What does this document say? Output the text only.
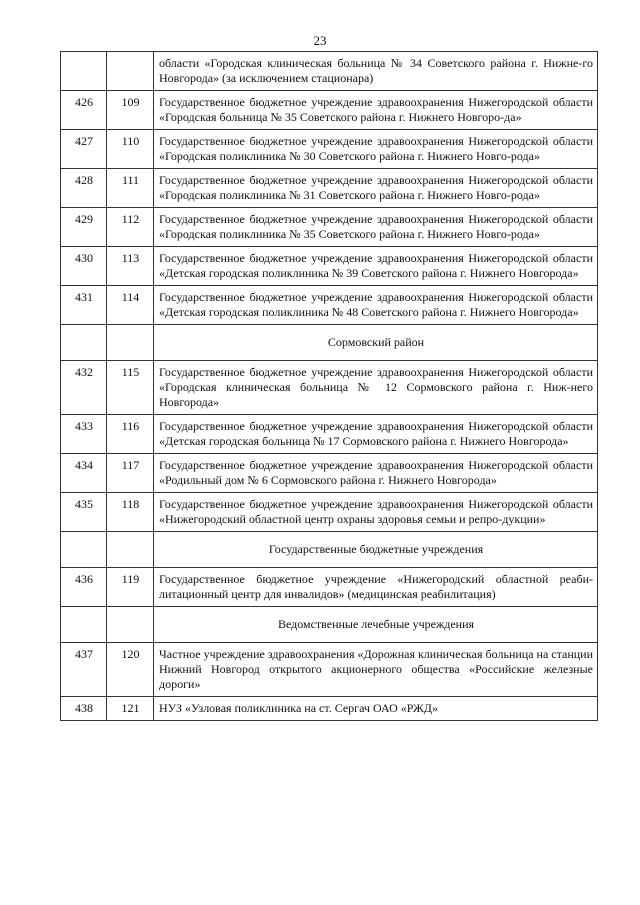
23
		области «Городская клиническая больница № 34 Советского района г. Нижне-го Новгорода» (за исключением стационара)
426	109	Государственное бюджетное учреждение здравоохранения Нижегородской области «Городская больница № 35 Советского района г. Нижнего Новгоро-да»
427	110	Государственное бюджетное учреждение здравоохранения Нижегородской области «Городская поликлиника № 30 Советского района г. Нижнего Новго-рода»
428	111	Государственное бюджетное учреждение здравоохранения Нижегородской области «Городская поликлиника № 31 Советского района г. Нижнего Новго-рода»
429	112	Государственное бюджетное учреждение здравоохранения Нижегородской области «Городская поликлиника № 35 Советского района г. Нижнего Новго-рода»
430	113	Государственное бюджетное учреждение здравоохранения Нижегородской области «Детская городская поликлиника № 39 Советского района г. Нижнего Новгорода»
431	114	Государственное бюджетное учреждение здравоохранения Нижегородской области «Детская городская поликлиника № 48 Советского района г. Нижнего Новгорода»
		Сормовский район
432	115	Государственное бюджетное учреждение здравоохранения Нижегородской области «Городская клиническая больница № 12 Сормовского района г. Ниж-него Новгорода»
433	116	Государственное бюджетное учреждение здравоохранения Нижегородской области «Детская городская больница № 17 Сормовского района г. Нижнего Новгорода»
434	117	Государственное бюджетное учреждение здравоохранения Нижегородской области «Родильный дом № 6 Сормовского района г. Нижнего Новгорода»
435	118	Государственное бюджетное учреждение здравоохранения Нижегородской области «Нижегородский областной центр охраны здоровья семьи и репро-дукции»
		Государственные бюджетные учреждения
436	119	Государственное бюджетное учреждение «Нижегородский областной реаби-литационный центр для инвалидов» (медицинская реабилитация)
		Ведомственные лечебные учреждения
437	120	Частное учреждение здравоохранения «Дорожная клиническая больница на станции Нижний Новгород открытого акционерного общества «Российские железные дороги»
438	121	НУЗ «Узловая поликлиника на ст. Сергач ОАО «РЖД»
